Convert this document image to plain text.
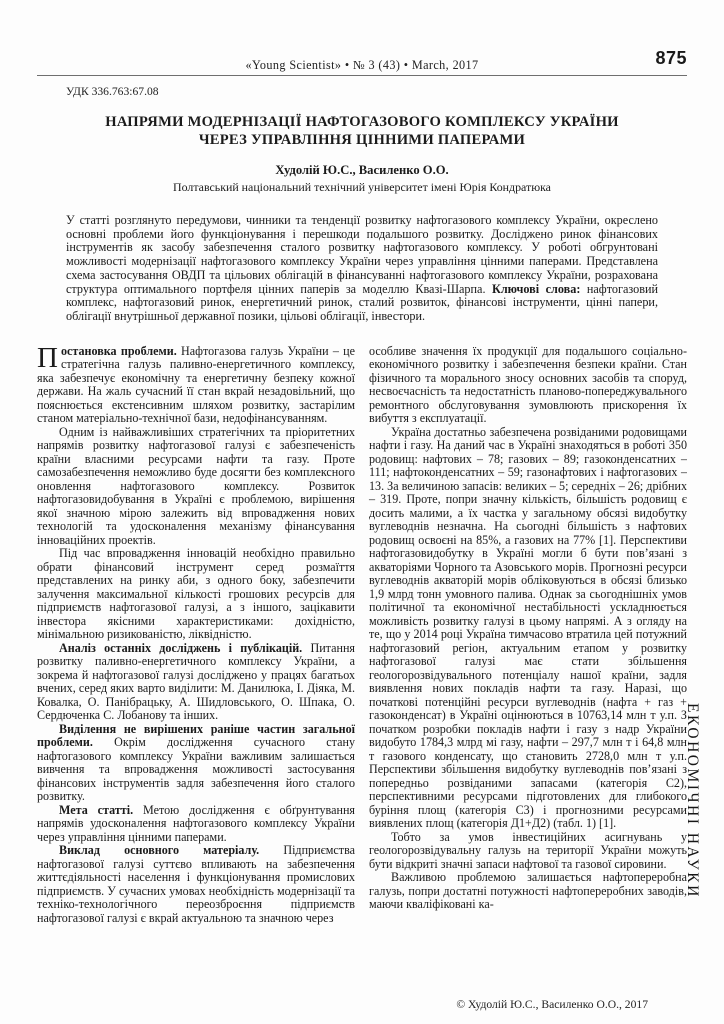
«Young Scientist» • № 3 (43) • March, 2017	875
УДК 336.763:67.08
НАПРЯМИ МОДЕРНІЗАЦІЇ НАФТОГАЗОВОГО КОМПЛЕКСУ УКРАЇНИ
ЧЕРЕЗ УПРАВЛІННЯ ЦІННИМИ ПАПЕРАМИ
Худолій Ю.С., Василенко О.О.
Полтавський національний технічний університет імені Юрія Кондратюка

У статті розглянуто передумови, чинники та тенденції розвитку нафтогазового комплексу України, окреслено основні проблеми його функціонування і перешкоди подальшого розвитку. Досліджено ринок фінансових інструментів як засобу забезпечення сталого розвитку нафтогазового комплексу. У роботі обгрунтовані можливості модернізації нафтогазового комплексу України через управління цінними паперами. Представлена схема застосування ОВДП та цільових облігацій в фінансуванні нафтогазового комплексу України, розрахована структура оптимального портфеля цінних паперів за моделлю Квазі-Шарпа. Ключові слова: нафтогазовий комплекс, нафтогазовий ринок, енергетичний ринок, сталий розвиток, фінансові інструменти, цінні папери, облігації внутрішньої державної позики, цільові облігації, інвестори.

Постановка проблеми. Нафтогазова галузь України – це стратегічна галузь паливно-енергетичного комплексу, яка забезпечує економічну та енергетичну безпеку кожної держави. На жаль сучасний її стан вкрай незадовільний, що пояснюється екстенсивним шляхом розвитку, застарілим станом матеріально-технічної бази, недофінансуванням.

Одним із найважливіших стратегічних та пріоритетних напрямів розвитку нафтогазової галузі є забезпеченість країни власними ресурсами нафти та газу. Проте самозабезпечення неможливо буде досягти без комплексного оновлення нафтогазового комплексу. Розвиток нафтогазовидобування в Україні є проблемою, вирішення якої значною мірою залежить від впровадження нових технологій та удосконалення механізму фінансування інноваційних проектів.

Під час впровадження інновацій необхідно правильно обрати фінансовий інструмент серед розмаїття представлених на ринку аби, з одного боку, забезпечити залучення максимальної кількості грошових ресурсів для підприємств нафтогазової галузі, а з іншого, зацікавити інвестора якісними характеристиками: дохідністю, мінімальною ризикованістю, ліквідністю.

Аналіз останніх досліджень і публікацій. Питання розвитку паливно-енергетичного комплексу України, а зокрема й нафтогазової галузі досліджено у працях багатьох вчених, серед яких варто виділити: М. Данилюка, І. Діяка, М. Ковалка, О. Панібрацьку, А. Шидловського, О. Шпака, О. Сердюченка С. Лобанову та інших.

Виділення не вирішених раніше частин загальної проблеми. Окрім дослідження сучасного стану нафтогазового комплексу України важливим залишається вивчення та впровадження можливості застосування фінансових інструментів задля забезпечення його сталого розвитку.

Мета статті. Метою дослідження є обґрунтування напрямів удосконалення нафтогазового комплексу України через управління цінними паперами.

Виклад основного матеріалу. Підприємства нафтогазової галузі суттєво впливають на забезпечення життєдіяльності населення і функціонування промислових підприємств. У сучасних умовах необхідність модернізації та техніко-технологічного переозброєння підприємств нафтогазової галузі є вкрай актуальною та значною через

особливе значення їх продукції для подальшого соціально-економічного розвитку і забезпечення безпеки країни. Стан фізичного та морального зносу основних засобів та споруд, несвоєчасність та недостатність планово-попереджувального ремонтного обслуговування зумовлюють прискорення їх вибуття з експлуатації.

Україна достатньо забезпечена розвіданими родовищами нафти і газу. На даний час в Україні знаходяться в роботі 350 родовищ: нафтових – 78; газових – 89; газоконденсатних – 111; нафтоконденсатних – 59; газонафтових і нафтогазових – 13. За величиною запасів: великих – 5; середніх – 26; дрібних – 319. Проте, попри значну кількість, більшість родовищ є досить малими, а їх частка у загальному обсязі видобутку вуглеводнів незначна. На сьогодні більшість з нафтових родовищ освоєні на 85%, а газових на 77% [1]. Перспективи нафтогазовидобутку в Україні могли б бути пов’язані з акваторіями Чорного та Азовського морів. Прогнозні ресурси вуглеводнів акваторій морів обліковуються в обсязі близько 1,9 млрд тонн умовного палива. Однак за сьогоднішніх умов політичної та економічної нестабільності ускладнюється можливість розвитку галузі в цьому напрямі. А з огляду на те, що у 2014 році Україна тимчасово втратила цей потужний нафтогазовий регіон, актуальним етапом у розвитку нафтогазової галузі має стати збільшення геологорозвідувального потенціалу нашої країни, задля виявлення нових покладів нафти та газу. Наразі, що початкові потенційні ресурси вуглеводнів (нафта + газ + газоконденсат) в Україні оцінюються в 10763,14 млн т у.п. З початком розробки покладів нафти і газу з надр України видобуто 1784,3 млрд мі газу, нафти – 297,7 млн т і 64,8 млн т газового конденсату, що становить 2728,0 млн т у.п. Перспективи збільшення видобутку вуглеводнів пов’язані з попередньо розвіданими запасами (категорія С2), перспективними ресурсами підготовлених для глибокого буріння площ (категорія С3) і прогнозними ресурсами виявлених площ (категорія Д1+Д2) (табл. 1) [1].

Тобто за умов інвестиційних асигнувань у геологорозвідувальну галузь на території України можуть бути відкриті значні запаси нафтової та газової сировини.

Важливою проблемою залишається нафтопереробна галузь, попри достатні потужності нафтопереробних заводів, маючи кваліфіковані ка-

© Худолій Ю.С., Василенко О.О., 2017
ЕКОНОМІЧНІ НАУКИ
